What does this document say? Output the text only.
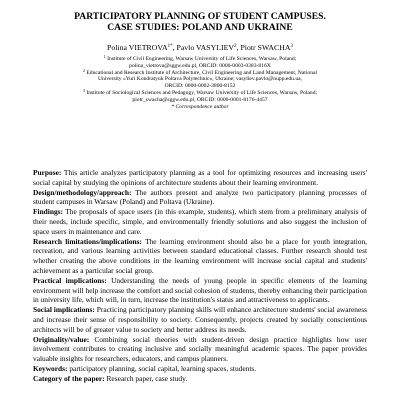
PARTICIPATORY PLANNING OF STUDENT CAMPUSES.
CASE STUDIES: POLAND AND UKRAINE
Polina $VIETROVA^{1*}$, Pavlo VASYLIEV$^2$, Piotr SWACHA$^3$

$^1$ Institute of Civil Engineering, Warsaw University of Life Sciences, Warsaw, Poland;
polina_vietrova@sggw.edu.pl, ORCID: 0000-0003-0383-816X

$^2$ Educational and Research Institute of Architecture, Civil Engineering and Land Management, National
University «Yuri Kondratyuk Poltava Polytechnic», Ukraine; vasyliev.pavlo@nupp.edu.ua,
ORCID: 0000-0002-3800-8152

$^3$ Institute of Sociological Sciences and Pedagogy, Warsaw University of Life Sciences, Warsaw, Poland;
piotr_swacha@sggw.edu.pl, ORCID: 0000-0001-8176-4457

* Correspondence author

Purpose: This article analyzes participatory planning as a tool for optimizing resources and increasing users' social capital by studying the opinions of architecture students about their learning environment.

Design/methodology/approach: The authors present and analyze two participatory planning processes of student campuses in Warsaw (Poland) and Poltava (Ukraine).

Findings: The proposals of space users (in this example, students), which stem from a preliminary analysis of their needs, include specific, simple, and environmentally friendly solutions and also suggest the inclusion of space users in maintenance and care.

Research limitations/implications: The learning environment should also be a place for youth integration, recreation, and various learning activities between standard educational classes. Further research should test whether creating the above conditions in the learning environment will increase social capital and students' achievement as a particular social group.

Practical implications: Understanding the needs of young people in specific elements of the learning environment will help increase the comfort and social cohesion of students, thereby enhancing their participation in university life, which will, in turn, increase the institution's status and attractiveness to applicants.

Social implications: Practicing participatory planning skills will enhance architecture students' social awareness and increase their sense of responsibility to society. Consequently, projects created by socially conscientious architects will be of greater value to society and better address its needs.

Originality/value: Combining social theories with student-driven design practice highlights how user involvement contributes to creating inclusive and socially meaningful academic spaces. The paper provides valuable insights for researchers, educators, and campus planners.

Keywords: participatory planning, social capital, learning spaces, students.

Category of the paper: Research paper, case study.
